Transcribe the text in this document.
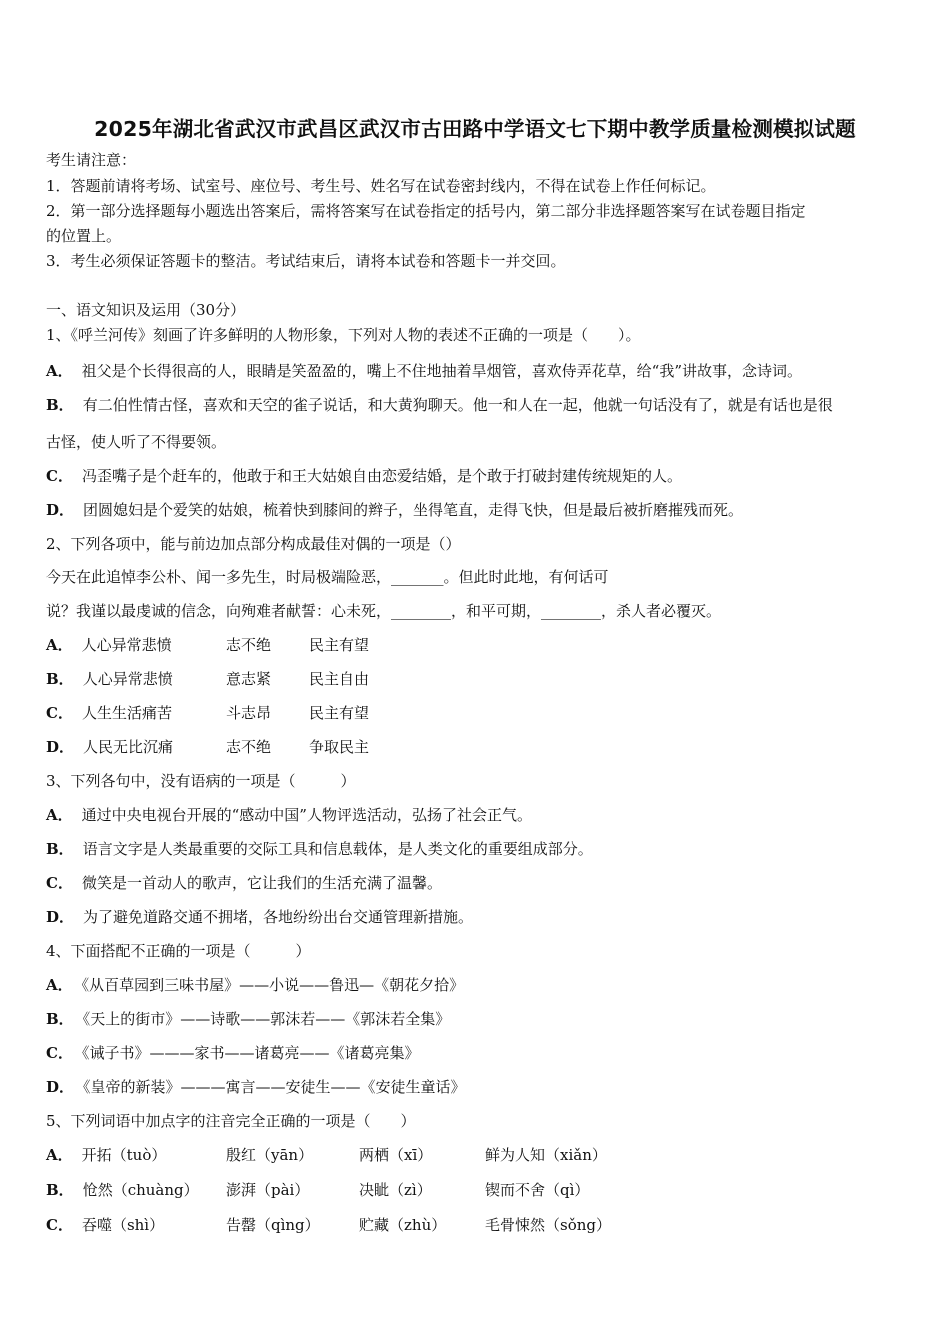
2025年湖北省武汉市武昌区武汉市古田路中学语文七下期中教学质量检测模拟试题
考生请注意：
1．答题前请将考场、试室号、座位号、考生号、姓名写在试卷密封线内，不得在试卷上作任何标记。
2．第一部分选择题每小题选出答案后，需将答案写在试卷指定的括号内，第二部分非选择题答案写在试卷题目指定
的位置上。
3．考生必须保证答题卡的整洁。考试结束后，请将本试卷和答题卡一并交回。
一、语文知识及运用（30分）
1、《呼兰河传》刻画了许多鲜明的人物形象，下列对人物的表述不正确的一项是（　　）。
A． 祖父是个长得很高的人，眼睛是笑盈盈的，嘴上不住地抽着旱烟管，喜欢侍弄花草，给“我”讲故事，念诗词。
B． 有二伯性情古怪，喜欢和天空的雀子说话，和大黄狗聊天。他一和人在一起，他就一句话没有了，就是有话也是很
古怪，使人听了不得要领。
C． 冯歪嘴子是个赶车的，他敢于和王大姑娘自由恋爱结婚，是个敢于打破封建传统规矩的人。
D． 团圆媳妇是个爱笑的姑娘，梳着快到膝间的辫子，坐得笔直，走得飞快，但是最后被折磨摧残而死。
2、下列各项中，能与前边加点部分构成最佳对偶的一项是（）
今天在此追悼李公朴、闻一多先生，时局极端险恶，_______。但此时此地，有何话可
说？我谨以最虔诚的信念，向殉难者献誓：心未死，________，和平可期，________，杀人者必覆灭。
A． 人心异常悲愤	志不绝	民主有望
B． 人心异常悲愤	意志紧	民主自由
C． 人生生活痛苦	斗志昂	民主有望
D． 人民无比沉痛	志不绝	争取民主
3、下列各句中，没有语病的一项是（　　　）
A． 通过中央电视台开展的“感动中国”人物评选活动，弘扬了社会正气。
B． 语言文字是人类最重要的交际工具和信息载体，是人类文化的重要组成部分。
C． 微笑是一首动人的歌声，它让我们的生活充满了温馨。
D． 为了避免道路交通不拥堵，各地纷纷出台交通管理新措施。
4、下面搭配不正确的一项是（　　　）
A． 《从百草园到三味书屋》——小说——鲁迅—《朝花夕拾》
B． 《天上的街市》——诗歌——郭沫若——《郭沫若全集》
C． 《诫子书》———家书——诸葛亮——《诸葛亮集》
D． 《皇帝的新装》———寓言——安徒生——《安徒生童话》
5、下列词语中加点字的注音完全正确的一项是（　　）
A． 开拓（tuò）	殷红（yān）	两栖（xī）	鲜为人知（xiǎn）
B． 怆然（chuàng） 澎湃（pài）	决眦（zì）	锲而不舍（qì）
C． 吞噬（shì）	告罄（qìng）	贮藏（zhù）	毛骨悚然（sǒng）
